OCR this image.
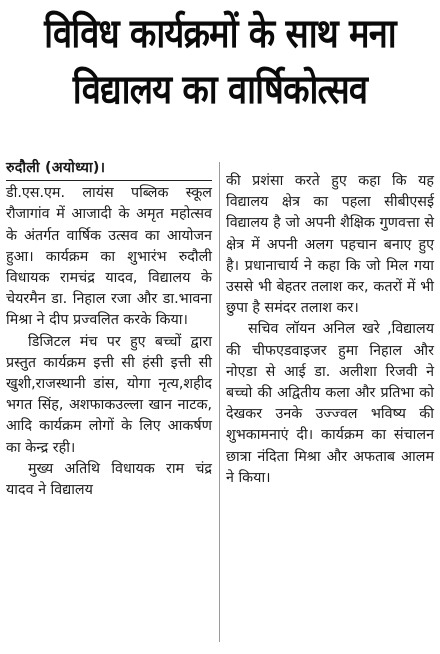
विविध कार्यक्रमों के साथ मना
विद्यालय का वार्षिकोत्सव
रुदौली (अयोध्या)।

डी.एस.एम. लायंस पब्लिक स्कूल रौजागांव में आजादी के अमृत महोत्सव के अंतर्गत वार्षिक उत्सव का आयोजन हुआ। कार्यक्रम का शुभारंभ रुदौली विधायक रामचंद्र यादव, विद्यालय के चेयरमैन डा. निहाल रजा और डा.भावना मिश्रा ने दीप प्रज्वलित करके किया।

डिजिटल मंच पर हुए बच्चों द्वारा प्रस्तुत कार्यक्रम इत्ती सी हंसी इत्ती सी खुशी,राजस्थानी डांस, योगा नृत्य,शहीद भगत सिंह, अशफाकउल्ला खान नाटक, आदि कार्यक्रम लोगों के लिए आकर्षण का केन्द्र रही।

मुख्य अतिथि विधायक राम चंद्र यादव ने विद्यालय

की प्रशंसा करते हुए कहा कि यह विद्यालय क्षेत्र का पहला सीबीएसई विद्यालय है जो अपनी शैक्षिक गुणवत्ता से क्षेत्र में अपनी अलग पहचान बनाए हुए है। प्रधानाचार्य ने कहा कि जो मिल गया उससे भी बेहतर तलाश कर, कतरों में भी छुपा है समंदर तलाश कर।

सचिव लॉयन अनिल खरे ,विद्यालय की चीफएडवाइजर हुमा निहाल और नोएडा से आई डा. अलीशा रिजवी ने बच्चो की अद्वितीय कला और प्रतिभा को देखकर उनके उज्ज्वल भविष्य की शुभकामनाएं दी। कार्यक्रम का संचालन छात्रा नंदिता मिश्रा और अफताब आलम ने किया।
